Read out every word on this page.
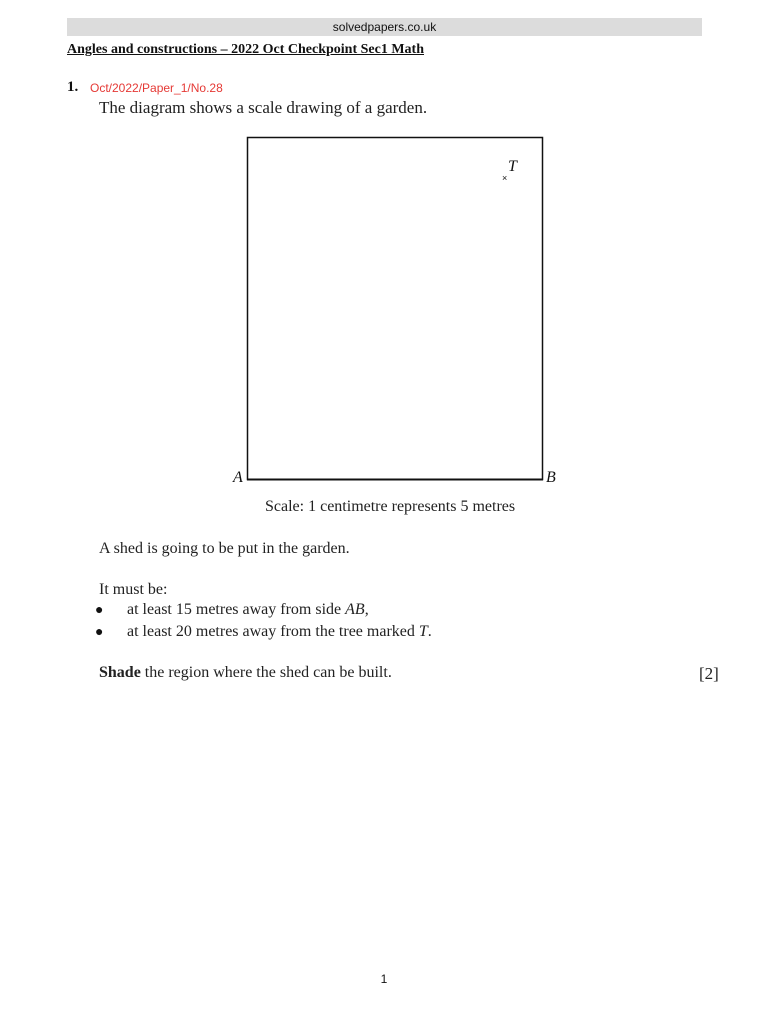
solvedpapers.co.uk
Angles and constructions – 2022 Oct Checkpoint Sec1 Math
1. Oct/2022/Paper_1/No.28
The diagram shows a scale drawing of a garden.
×
T
A	B
Scale: 1 centimetre represents 5 metres
A shed is going to be put in the garden.
It must be:
● at least 15 metres away from side AB,
● at least 20 metres away from the tree marked T.
Shade the region where the shed can be built.	[2]
1
